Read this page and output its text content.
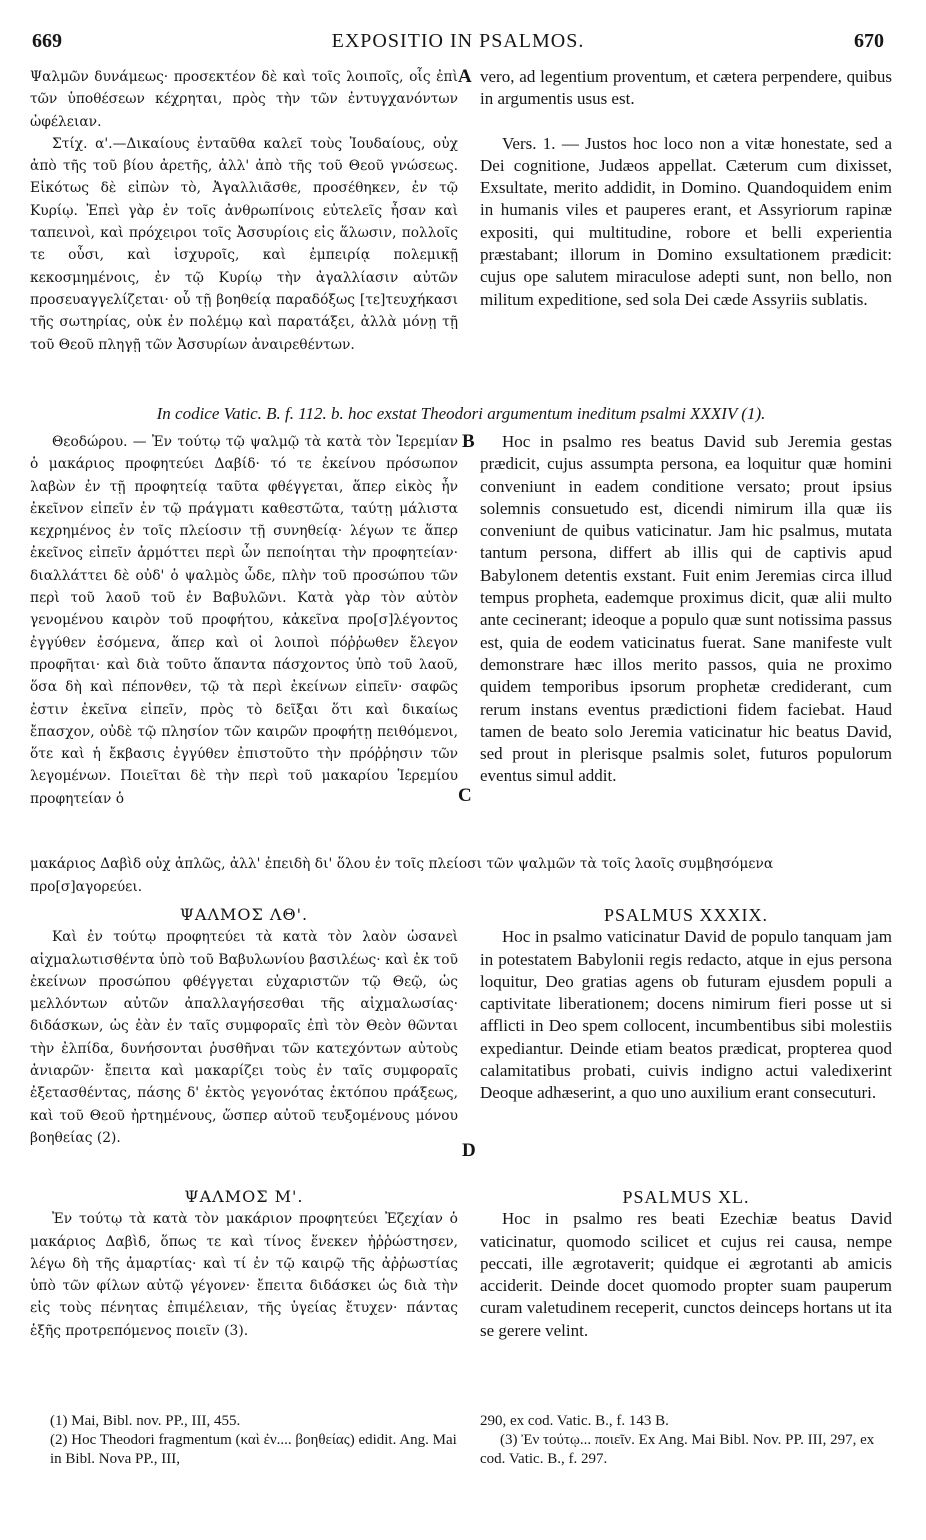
669	EXPOSITIO IN PSALMOS.	670

Ψαλμῶν δυνάμεως· προσεκτέον δὲ καὶ τοῖς λοιποῖς, οἷς ἐπὶ τῶν ὑποθέσεων κέχρηται, πρὸς τὴν τῶν ἐντυγχανόντων ὠφέλειαν.

Στίχ. α'.—Δικαίους ἐνταῦθα καλεῖ τοὺς Ἰουδαίους, οὐχ ἀπὸ τῆς τοῦ βίου ἀρετῆς, ἀλλ' ἀπὸ τῆς τοῦ Θεοῦ γνώσεως. Εἰκότως δὲ εἰπὼν τὸ, Ἀγαλλιᾶσθε, προσέθηκεν, ἐν τῷ Κυρίῳ. Ἐπεὶ γὰρ ἐν τοῖς ἀνθρωπίνοις εὐτελεῖς ἦσαν καὶ ταπεινοὶ, καὶ πρόχειροι τοῖς Ἀσσυρίοις εἰς ἅλωσιν, πολλοῖς τε οὖσι, καὶ ἰσχυροῖς, καὶ ἐμπειρίᾳ πολεμικῇ κεκοσμημένοις, ἐν τῷ Κυρίῳ τὴν ἀγαλλίασιν αὐτῶν προσευαγγελίζεται· οὗ τῇ βοηθείᾳ παραδόξως [τε]τευχήκασι τῆς σωτηρίας, οὐκ ἐν πολέμῳ καὶ παρατάξει, ἀλλὰ μόνῃ τῇ τοῦ Θεοῦ πληγῇ τῶν Ἀσσυρίων ἀναιρεθέντων.

A vero, ad legentium proventum, et cætera perpendere, quibus in argumentis usus est.

Vers. 1. — Justos hoc loco non a vitæ honestate, sed a Dei cognitione, Judæos appellat. Cæterum cum dixisset, Exsultate, merito addidit, in Domino. Quandoquidem enim in humanis viles et pauperes erant, et Assyriorum rapinæ expositi, qui multitudine, robore et belli experientia præstabant; illorum in Domino exsultationem prædicit: cujus ope salutem miraculose adepti sunt, non bello, non militum expeditione, sed sola Dei cæde Assyriis sublatis.

In codice Vatic. B. f. 112. b. hoc exstat Theodori argumentum ineditum psalmi XXXIV (1).

Θεοδώρου. — Ἐν τούτῳ τῷ ψαλμῷ τὰ κατὰ τὸν Ἱερεμίαν ὁ μακάριος προφητεύει Δαβίδ· τό τε ἐκείνου πρόσωπον λαβὼν ἐν τῇ προφητείᾳ ταῦτα φθέγγεται, ἅπερ εἰκὸς ἦν ἐκεῖνον εἰπεῖν ἐν τῷ πράγματι καθεστῶτα, ταύτῃ μάλιστα κεχρημένος ἐν τοῖς πλείοσιν τῇ συνηθείᾳ· λέγων τε ἅπερ ἐκεῖνος εἰπεῖν ἁρμόττει περὶ ὧν πεποίηται τὴν προφητείαν· διαλλάττει δὲ οὐδ' ὁ ψαλμὸς ὧδε, πλὴν τοῦ προσώπου τῶν περὶ τοῦ λαοῦ τοῦ ἐν Βαβυλῶνι. Κατὰ γὰρ τὸν αὐτὸν γενομένου καιρὸν τοῦ προφήτου, κἀκεῖνα προ[σ]λέγοντος ἐγγύθεν ἐσόμενα, ἅπερ καὶ οἱ λοιποὶ πόῤῥωθεν ἔλεγον προφῆται· καὶ διὰ τοῦτο ἅπαντα πάσχοντος ὑπὸ τοῦ λαοῦ, ὅσα δὴ καὶ πέπονθεν, τῷ τὰ περὶ ἐκείνων εἰπεῖν· σαφῶς ἐστιν ἐκεῖνα εἰπεῖν, πρὸς τὸ δεῖξαι ὅτι καὶ δικαίως ἔπασχον, οὐδὲ τῷ πλησίον τῶν καιρῶν προφήτῃ πειθόμενοι, ὅτε καὶ ἡ ἔκβασις ἐγγύθεν ἐπιστοῦτο τὴν πρόῤῥησιν τῶν λεγομένων. Ποιεῖται δὲ τὴν περὶ τοῦ μακαρίου Ἱερεμίου προφητείαν ὁ

B
C

Hoc in psalmo res beatus David sub Jeremia gestas prædicit, cujus assumpta persona, ea loquitur quæ homini conveniunt in eadem conditione versato; prout ipsius solemnis consuetudo est, dicendi nimirum illa quæ iis conveniunt de quibus vaticinatur. Jam hic psalmus, mutata tantum persona, differt ab illis qui de captivis apud Babylonem detentis exstant. Fuit enim Jeremias circa illud tempus propheta, eademque proximus dicit, quæ alii multo ante cecinerant; ideoque a populo quæ sunt notissima passus est, quia de eodem vaticinatus fuerat. Sane manifeste vult demonstrare hæc illos merito passos, quia ne proximo quidem temporibus ipsorum prophetæ crediderant, cum rerum instans eventus prædictioni fidem faciebat. Haud tamen de beato solo Jeremia vaticinatur hic beatus David, sed prout in plerisque psalmis solet, futuros populorum eventus simul addit.

μακάριος Δαβὶδ οὐχ ἁπλῶς, ἀλλ' ἐπειδὴ δι' ὅλου ἐν τοῖς πλείοσι τῶν ψαλμῶν τὰ τοῖς λαοῖς συμβησόμενα
προ[σ]αγορεύει.

ΨΑΛΜΟΣ ΛΘ'.

Καὶ ἐν τούτῳ προφητεύει τὰ κατὰ τὸν λαὸν ὡσανεὶ αἰχμαλωτισθέντα ὑπὸ τοῦ Βαβυλωνίου βασιλέως· καὶ ἐκ τοῦ ἐκείνων προσώπου φθέγγεται εὐχαριστῶν τῷ Θεῷ, ὡς μελλόντων αὐτῶν ἀπαλλαγήσεσθαι τῆς αἰχμαλωσίας· διδάσκων, ὡς ἐὰν ἐν ταῖς συμφοραῖς ἐπὶ τὸν Θεὸν θῶνται τὴν ἐλπίδα, δυνήσονται ῥυσθῆναι τῶν κατεχόντων αὐτοὺς ἀνιαρῶν· ἔπειτα καὶ μακαρίζει τοὺς ἐν ταῖς συμφοραῖς ἐξετασθέντας, πάσης δ' ἐκτὸς γεγονότας ἐκτόπου πράξεως, καὶ τοῦ Θεοῦ ἠρτημένους, ὥσπερ αὐτοῦ τευξομένους μόνου βοηθείας (2).

D

PSALMUS XXXIX.

Hoc in psalmo vaticinatur David de populo tanquam jam in potestatem Babylonii regis redacto, atque in ejus persona loquitur, Deo gratias agens ob futuram ejusdem populi a captivitate liberationem; docens nimirum fieri posse ut si afflicti in Deo spem collocent, incumbentibus sibi molestiis expediantur. Deinde etiam beatos prædicat, propterea quod calamitatibus probati, cuivis indigno actui valedixerint Deoque adhæserint, a quo uno auxilium erant consecuturi.

ΨΑΛΜΟΣ Μ'.

Ἐν τούτῳ τὰ κατὰ τὸν μακάριον προφητεύει Ἐζεχίαν ὁ μακάριος Δαβὶδ, ὅπως τε καὶ τίνος ἕνεκεν ἠῤῥώστησεν, λέγω δὴ τῆς ἁμαρτίας· καὶ τί ἐν τῷ καιρῷ τῆς ἀῤῥωστίας ὑπὸ τῶν φίλων αὐτῷ γέγονεν· ἔπειτα διδάσκει ὡς διὰ τὴν εἰς τοὺς πένητας ἐπιμέλειαν, τῆς ὑγείας ἔτυχεν· πάντας ἑξῆς προτρεπόμενος ποιεῖν (3).

PSALMUS XL.

Hoc in psalmo res beati Ezechiæ beatus David vaticinatur, quomodo scilicet et cujus rei causa, nempe peccati, ille ægrotaverit; quidque ei ægrotanti ab amicis acciderit. Deinde docet quomodo propter suam pauperum curam valetudinem receperit, cunctos deinceps hortans ut ita se gerere velint.

(1) Mai, Bibl. nov. PP., III, 455.

(2) Hoc Theodori fragmentum (καὶ ἐν.... βοηθείας) edidit. Ang. Mai in Bibl. Nova PP., III,

290, ex cod. Vatic. B., f. 143 B.

(3) Ἐν τούτῳ... ποιεῖν. Ex Ang. Mai Bibl. Nov. PP. III, 297, ex cod. Vatic. B., f. 297.
